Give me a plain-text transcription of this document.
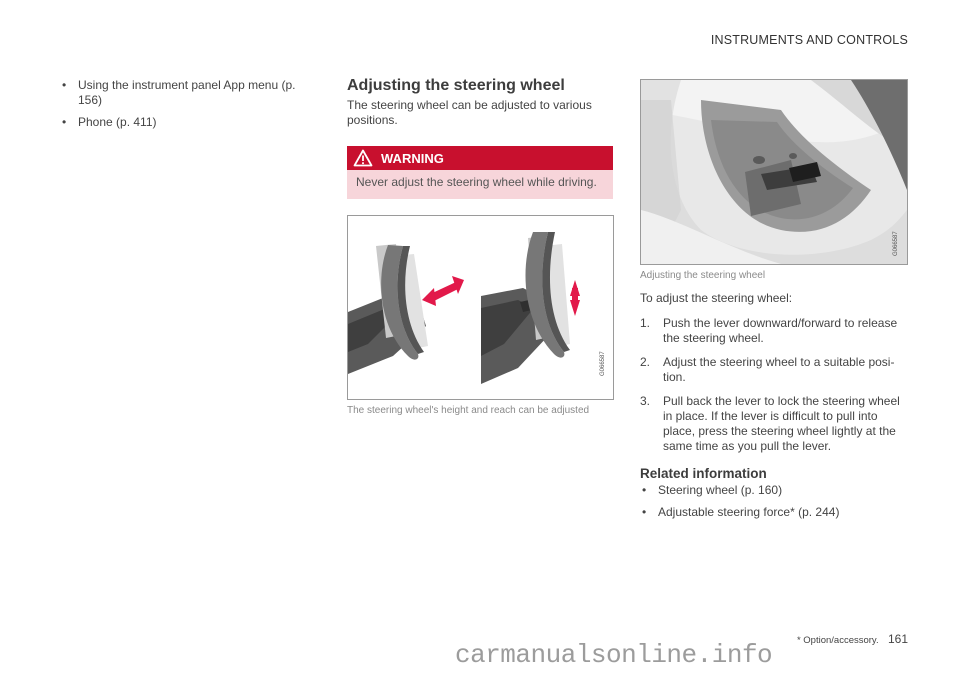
INSTRUMENTS AND CONTROLS
• Using the instrument panel App menu (p. 156)
• Phone (p. 411)
Adjusting the steering wheel

The steering wheel can be adjusted to various positions.

WARNING
Never adjust the steering wheel while driving.
G066587
The steering wheel's height and reach can be adjusted
G066587
Adjusting the steering wheel

To adjust the steering wheel:

1. Push the lever downward/forward to release the steering wheel.
2. Adjust the steering wheel to a suitable posi-tion.
3. Pull back the lever to lock the steering wheel in place. If the lever is difficult to pull into place, press the steering wheel lightly at the same time as you pull the lever.
Related information
• Steering wheel (p. 160)
• Adjustable steering force* (p. 244)
* Option/accessory. 161
carmanualsonline.info
